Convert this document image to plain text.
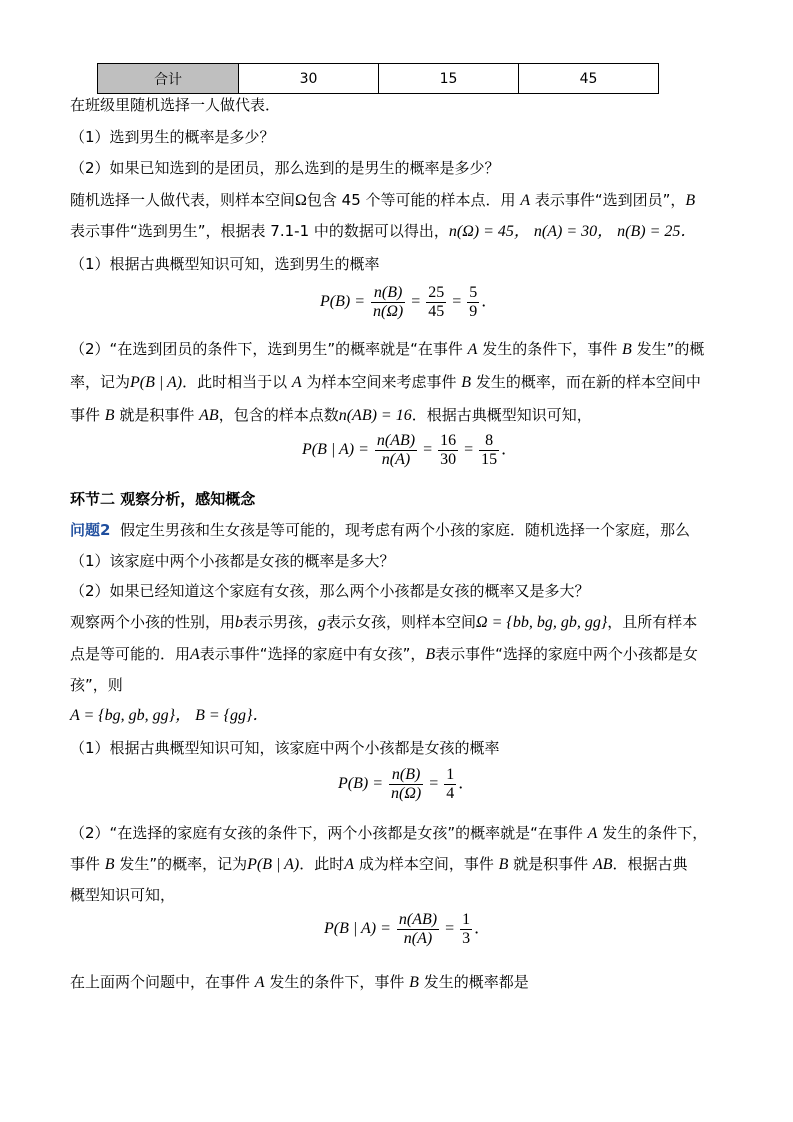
合计	30	15	45
在班级里随机选择一人做代表．
（1）选到男生的概率是多少？
（2）如果已知选到的是团员，那么选到的是男生的概率是多少？
随机选择一人做代表，则样本空间Ω包含 45 个等可能的样本点．用 A 表示事件“选到团员”，B
表示事件“选到男生”，根据表 7.1-1 中的数据可以得出，n(Ω) = 45， n(A) = 30， n(B) = 25．
（1）根据古典概型知识可知，选到男生的概率
$P(B) = \frac{n(B)}{n(\Omega)} = \frac{25}{45} = \frac{5}{9}$ ．
（2）“在选到团员的条件下，选到男生”的概率就是“在事件 A 发生的条件下，事件 B 发生”的概
率，记为P(B | A)．此时相当于以 A 为样本空间来考虑事件 B 发生的概率，而在新的样本空间中
事件 B 就是积事件 AB，包含的样本点数n(AB) = 16．根据古典概型知识可知，
P(B | $A) = \frac{n(AB)}{n(A)} = \frac{16}{30} = \frac{8}{15}$ ．
环节二 观察分析，感知概念
问题2 假定生男孩和生女孩是等可能的，现考虑有两个小孩的家庭．随机选择一个家庭，那么
（1）该家庭中两个小孩都是女孩的概率是多大？
（2）如果已经知道这个家庭有女孩，那么两个小孩都是女孩的概率又是多大？
观察两个小孩的性别，用b表示男孩，g表示女孩，则样本空间Ω = {bb, bg, gb, gg}，且所有样本
点是等可能的．用A表示事件“选择的家庭中有女孩”，B表示事件“选择的家庭中两个小孩都是女
孩”，则
A = {bg, gb, gg}， B = {gg}．
（1）根据古典概型知识可知，该家庭中两个小孩都是女孩的概率
$P(B) = \frac{n(B)}{n(\Omega)} = \frac{1}{4}$ ．
（2）“在选择的家庭有女孩的条件下，两个小孩都是女孩”的概率就是“在事件 A 发生的条件下，
事件 B 发生”的概率，记为P(B | A)．此时A 成为样本空间，事件 B 就是积事件 AB．根据古典
概型知识可知，
P(B | $A) = \frac{n(AB)}{n(A)} = \frac{1}{3}$ ．
在上面两个问题中，在事件 A 发生的条件下，事件 B 发生的概率都是
